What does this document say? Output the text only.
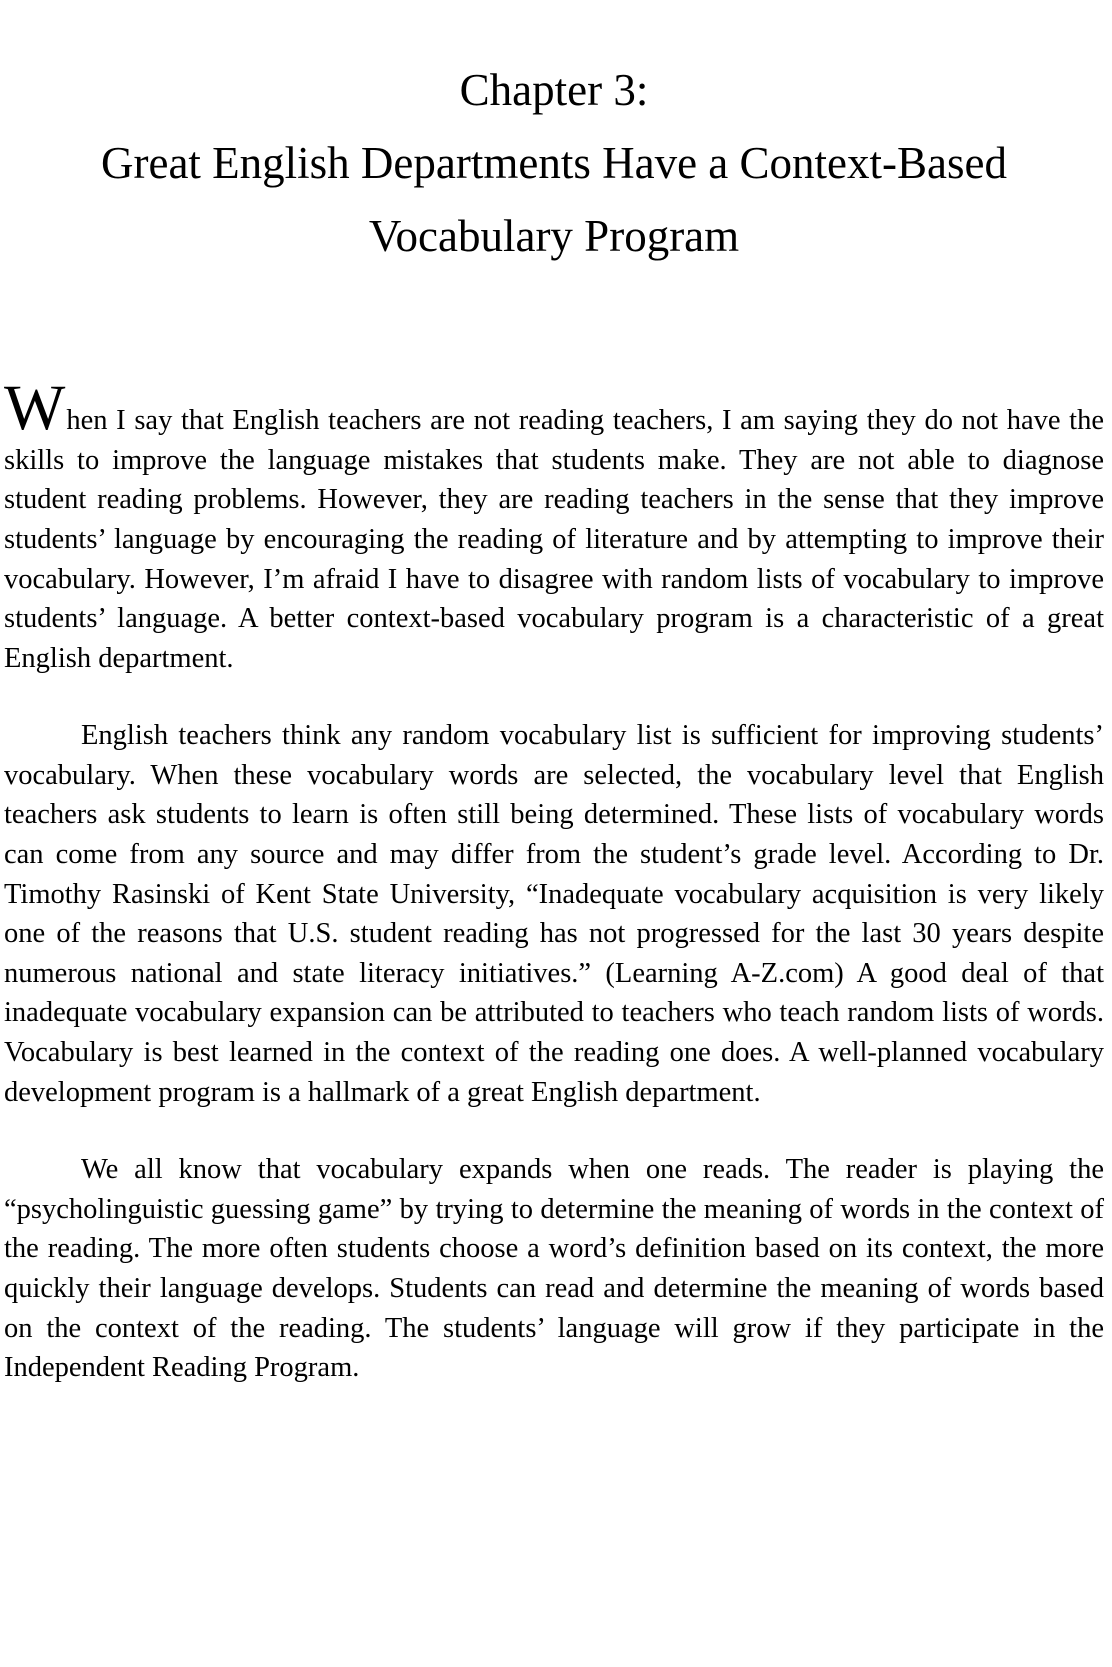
Chapter 3:
Great English Departments Have a Context-Based
Vocabulary Program

When I say that English teachers are not reading teachers, I am saying they do not have the skills to improve the language mistakes that students make. They are not able to diagnose student reading problems. However, they are reading teachers in the sense that they improve students’ language by encouraging the reading of literature and by attempting to improve their vocabulary. However, I’m afraid I have to disagree with random lists of vocabulary to improve students’ language. A better context-based vocabulary program is a characteristic of a great English department.

English teachers think any random vocabulary list is sufficient for improving students’ vocabulary. When these vocabulary words are selected, the vocabulary level that English teachers ask students to learn is often still being determined. These lists of vocabulary words can come from any source and may differ from the student’s grade level. According to Dr. Timothy Rasinski of Kent State University, “Inadequate vocabulary acquisition is very likely one of the reasons that U.S. student reading has not progressed for the last 30 years despite numerous national and state literacy initiatives.” (Learning A-Z.com) A good deal of that inadequate vocabulary expansion can be attributed to teachers who teach random lists of words. Vocabulary is best learned in the context of the reading one does. A well-planned vocabulary development program is a hallmark of a great English department.

We all know that vocabulary expands when one reads. The reader is playing the “psycholinguistic guessing game” by trying to determine the meaning of words in the context of the reading. The more often students choose a word’s definition based on its context, the more quickly their language develops. Students can read and determine the meaning of words based on the context of the reading. The students’ language will grow if they participate in the Independent Reading Program.
